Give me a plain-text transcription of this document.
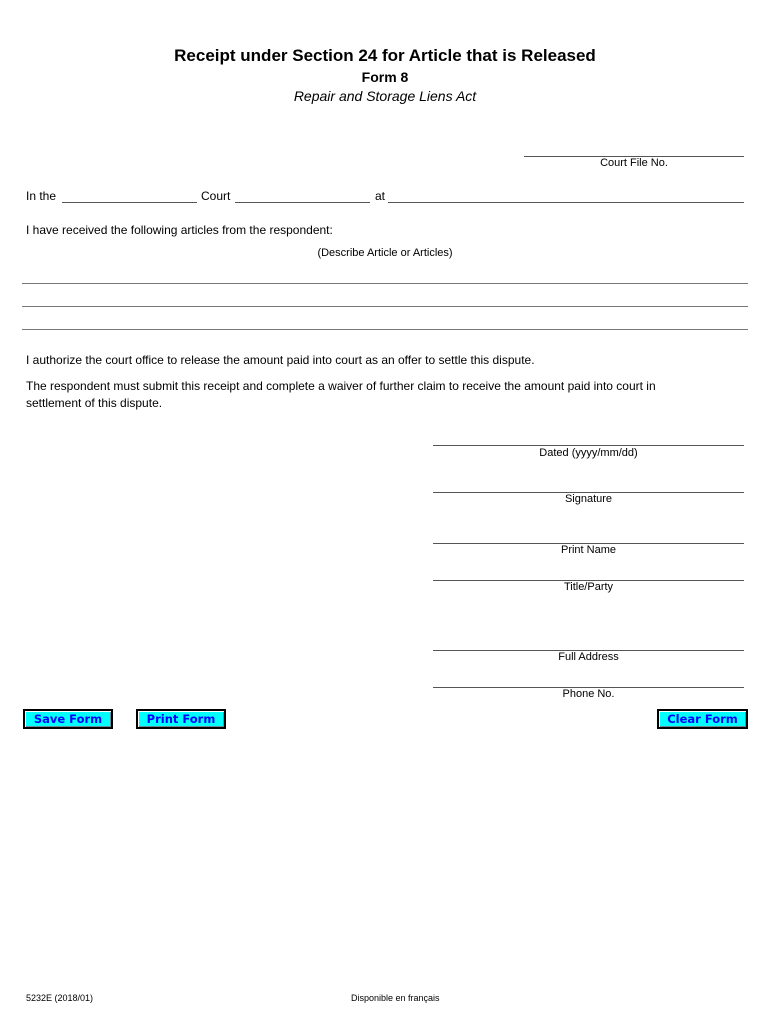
Receipt under Section 24 for Article that is Released
Form 8
Repair and Storage Liens Act
Court File No.
In the	Court	at
I have received the following articles from the respondent:
(Describe Article or Articles)
I authorize the court office to release the amount paid into court as an offer to settle this dispute.
The respondent must submit this receipt and complete a waiver of further claim to receive the amount paid into court in
settlement of this dispute.
Dated (yyyy/mm/dd)
Signature
Print Name
Title/Party
Full Address
Phone No.
Save Form	Print Form	Clear Form
5232E (2018/01)	Disponible en français
